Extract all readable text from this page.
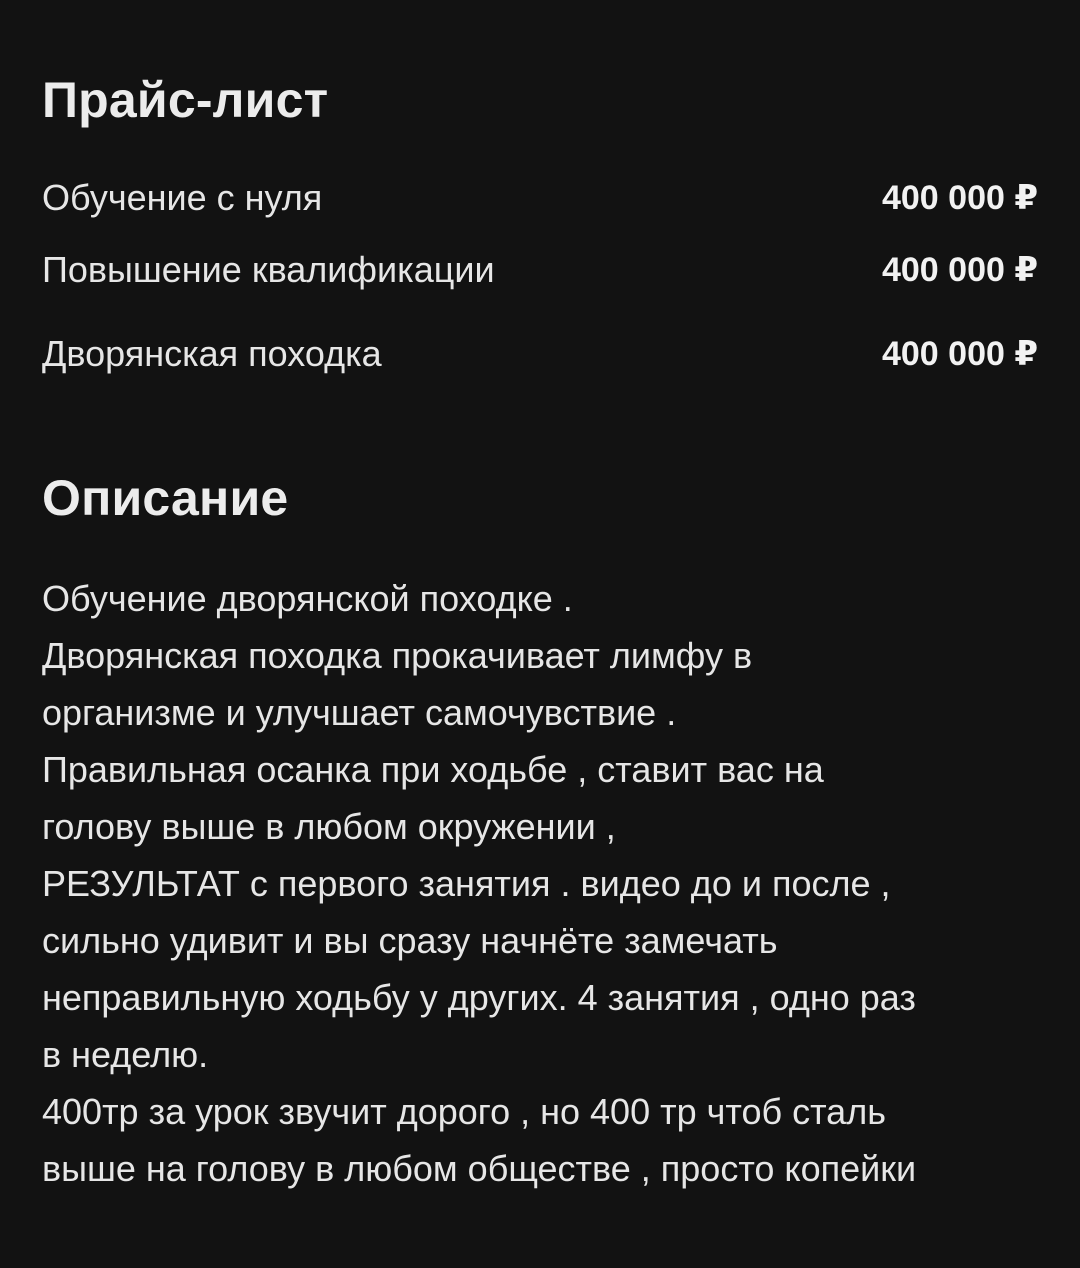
Прайс-лист
Обучение с нуля	400 000 ₽
Повышение квалификации	400 000 ₽
Дворянская походка	400 000 ₽
Описание
Обучение дворянской походке .
Дворянская походка прокачивает лимфу в
организме и улучшает самочувствие .
Правильная осанка при ходьбе , ставит вас на
голову выше в любом окружении ,
РЕЗУЛЬТАТ с первого занятия . видео до и после ,
сильно удивит и вы сразу начнёте замечать
неправильную ходьбу у других. 4 занятия , одно раз
в неделю.
400тр за урок звучит дорого , но 400 тр чтоб сталь
выше на голову в любом обществе , просто копейки
